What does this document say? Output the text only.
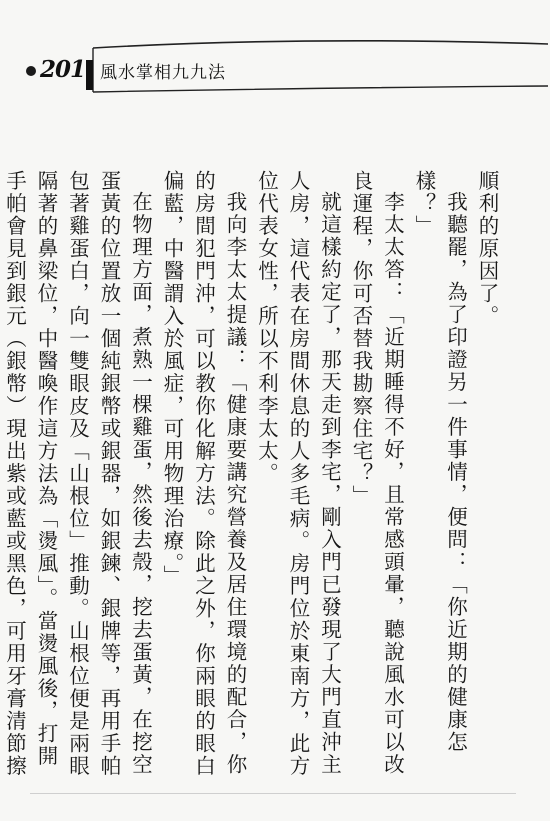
201 風水掌相九九法

順利的原因了。

我聽罷，為了印證另一件事情，便問：「你近期的健康怎樣？」

李太太答：「近期睡得不好，且常感頭暈，聽說風水可以改良運程，你可否替我勘察住宅？」

就這樣約定了，那天走到李宅，剛入門已發現了大門直沖主人房，這代表在房間休息的人多毛病。房門位於東南方，此方位代表女性，所以不利李太太。

我向李太太提議：「健康要講究營養及居住環境的配合，你的房間犯門沖，可以教你化解方法。除此之外，你兩眼的眼白偏藍，中醫謂入於風症，可用物理治療。」

在物理方面，煮熟一棵雞蛋，然後去殼，挖去蛋黃，在挖空蛋黃的位置放一個純銀幣或銀器，如銀鍊、銀牌等，再用手帕包著雞蛋白，向一雙眼皮及「山根位」推動。山根位便是兩眼隔著的鼻梁位，中醫喚作這方法為「燙風」。當燙風後，打開手帕會見到銀元（銀幣）現出紫或藍或黑色，可用牙膏清節擦
